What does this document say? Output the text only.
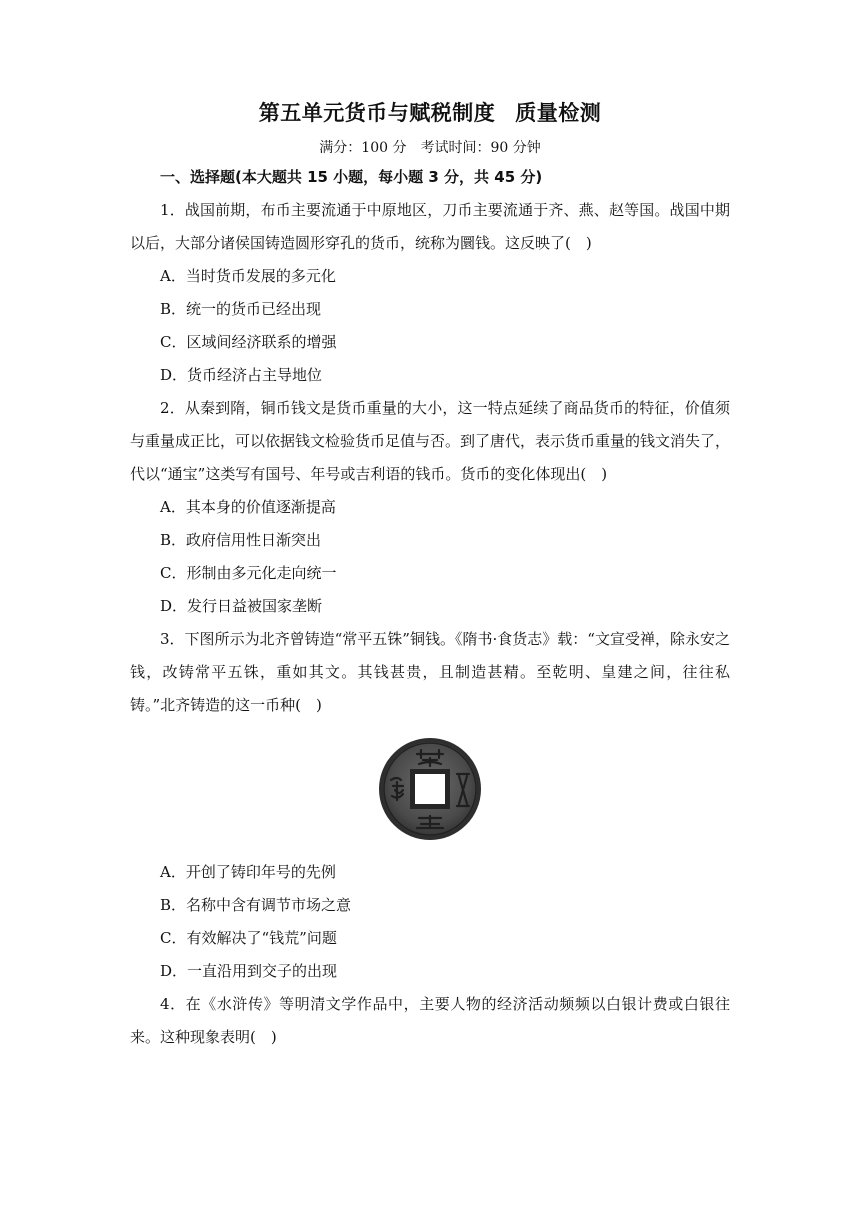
第五单元货币与赋税制度 质量检测
满分：100 分 考试时间：90 分钟
一、选择题(本大题共 15 小题，每小题 3 分，共 45 分)

1．战国前期，布币主要流通于中原地区，刀币主要流通于齐、燕、赵等国。战国中期以后，大部分诸侯国铸造圆形穿孔的货币，统称为圜钱。这反映了(　)

A．当时货币发展的多元化

B．统一的货币已经出现

C．区域间经济联系的增强

D．货币经济占主导地位

2．从秦到隋，铜币钱文是货币重量的大小，这一特点延续了商品货币的特征，价值须与重量成正比，可以依据钱文检验货币足值与否。到了唐代，表示货币重量的钱文消失了，代以“通宝”这类写有国号、年号或吉利语的钱币。货币的变化体现出(　)

A．其本身的价值逐渐提高

B．政府信用性日渐突出

C．形制由多元化走向统一

D．发行日益被国家垄断

3．下图所示为北齐曾铸造“常平五铢”铜钱。《隋书·食货志》载：“文宣受禅，除永安之钱，改铸常平五铢，重如其文。其钱甚贵，且制造甚精。至乾明、皇建之间，往往私铸。”北齐铸造的这一币种(　)

A．开创了铸印年号的先例

B．名称中含有调节市场之意

C．有效解决了“钱荒”问题

D．一直沿用到交子的出现

4．在《水浒传》等明清文学作品中，主要人物的经济活动频频以白银计费或白银往来。这种现象表明(　)
